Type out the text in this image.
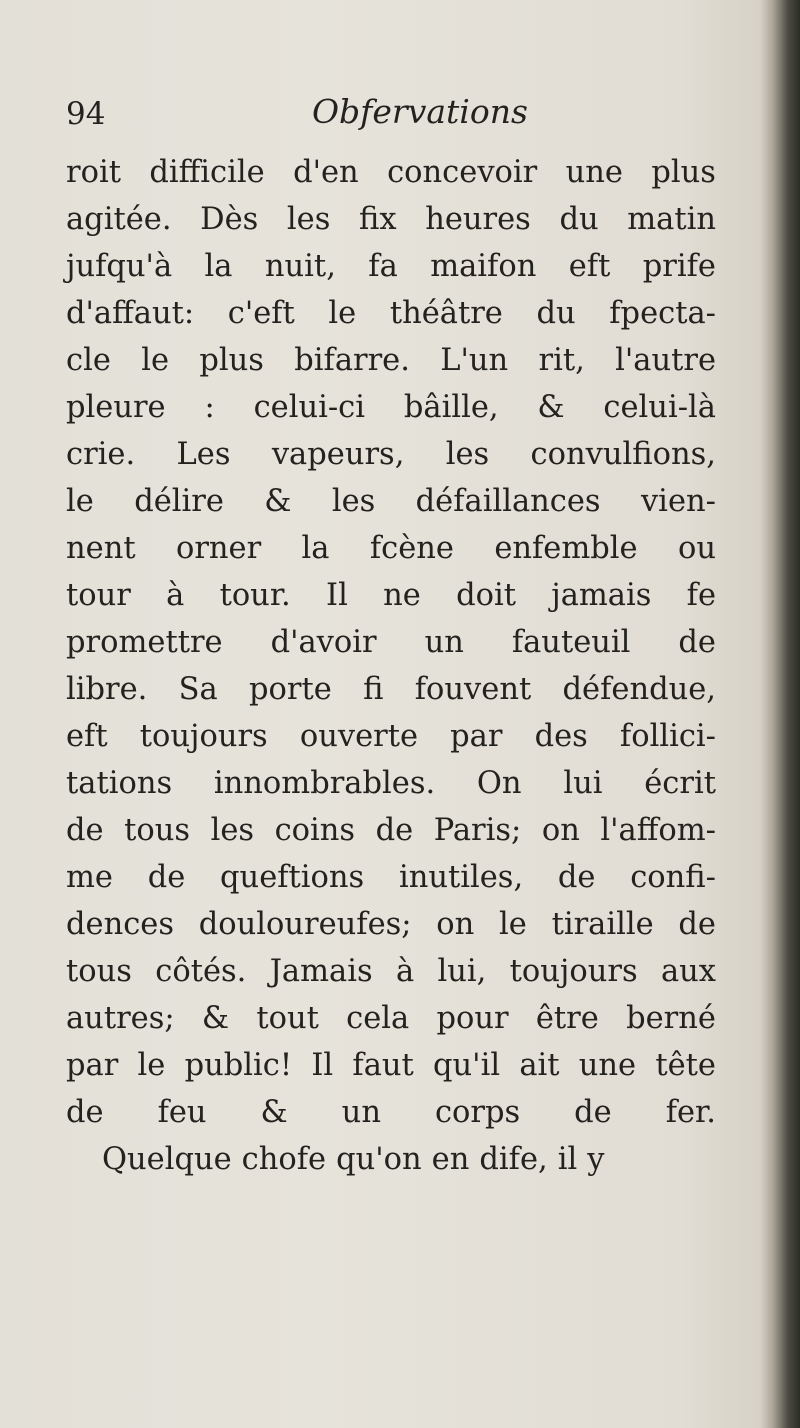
94	Obfervations
roit difficile d'en concevoir une plus
agitée. Dès les fix heures du matin
jufqu'à la nuit, fa maifon eft prife
d'affaut: c'eft le théâtre du fpecta-
cle le plus bifarre. L'un rit, l'autre
pleure : celui-ci bâille, & celui-là
crie. Les vapeurs, les convulfions,
le délire & les défaillances vien-
nent orner la fcène enfemble ou
tour à tour. Il ne doit jamais fe
promettre d'avoir un fauteuil de
libre. Sa porte fi fouvent défendue,
eft toujours ouverte par des follici-
tations innombrables. On lui écrit
de tous les coins de Paris; on l'affom-
me de queftions inutiles, de confi-
dences douloureufes; on le tiraille de
tous côtés. Jamais à lui, toujours aux
autres; & tout cela pour être berné
par le public! Il faut qu'il ait une tête
de feu & un corps de fer.
Quelque chofe qu'on en dife, il y
